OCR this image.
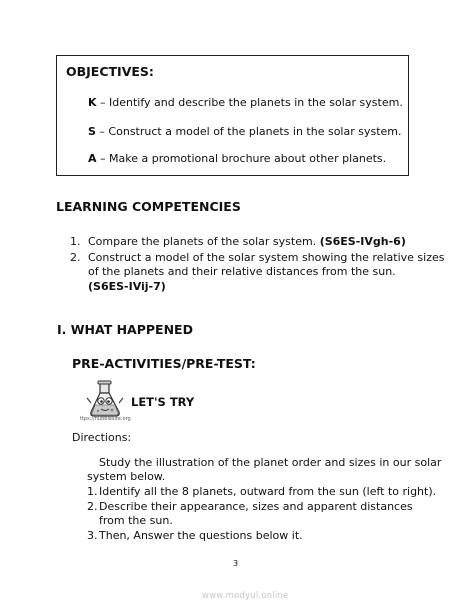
OBJECTIVES:
K – Identify and describe the planets in the solar system.
S – Construct a model of the planets in the solar system.
A – Make a promotional brochure about other planets.
LEARNING COMPETENCIES
1. Compare the planets of the solar system. (S6ES-IVgh-6)
2. Construct a model of the solar system showing the relative sizes
of the planets and their relative distances from the sun.
(S6ES-IVij-7)
I. WHAT HAPPENED
PRE-ACTIVITIES/PRE-TEST:
ttps://hubblesite.org
LET'S TRY
Directions:
Study the illustration of the planet order and sizes in our solar
system below.
1. Identify all the 8 planets, outward from the sun (left to right).
2. Describe their appearance, sizes and apparent distances
from the sun.
3. Then, Answer the questions below it.
3
www.modyul.online
